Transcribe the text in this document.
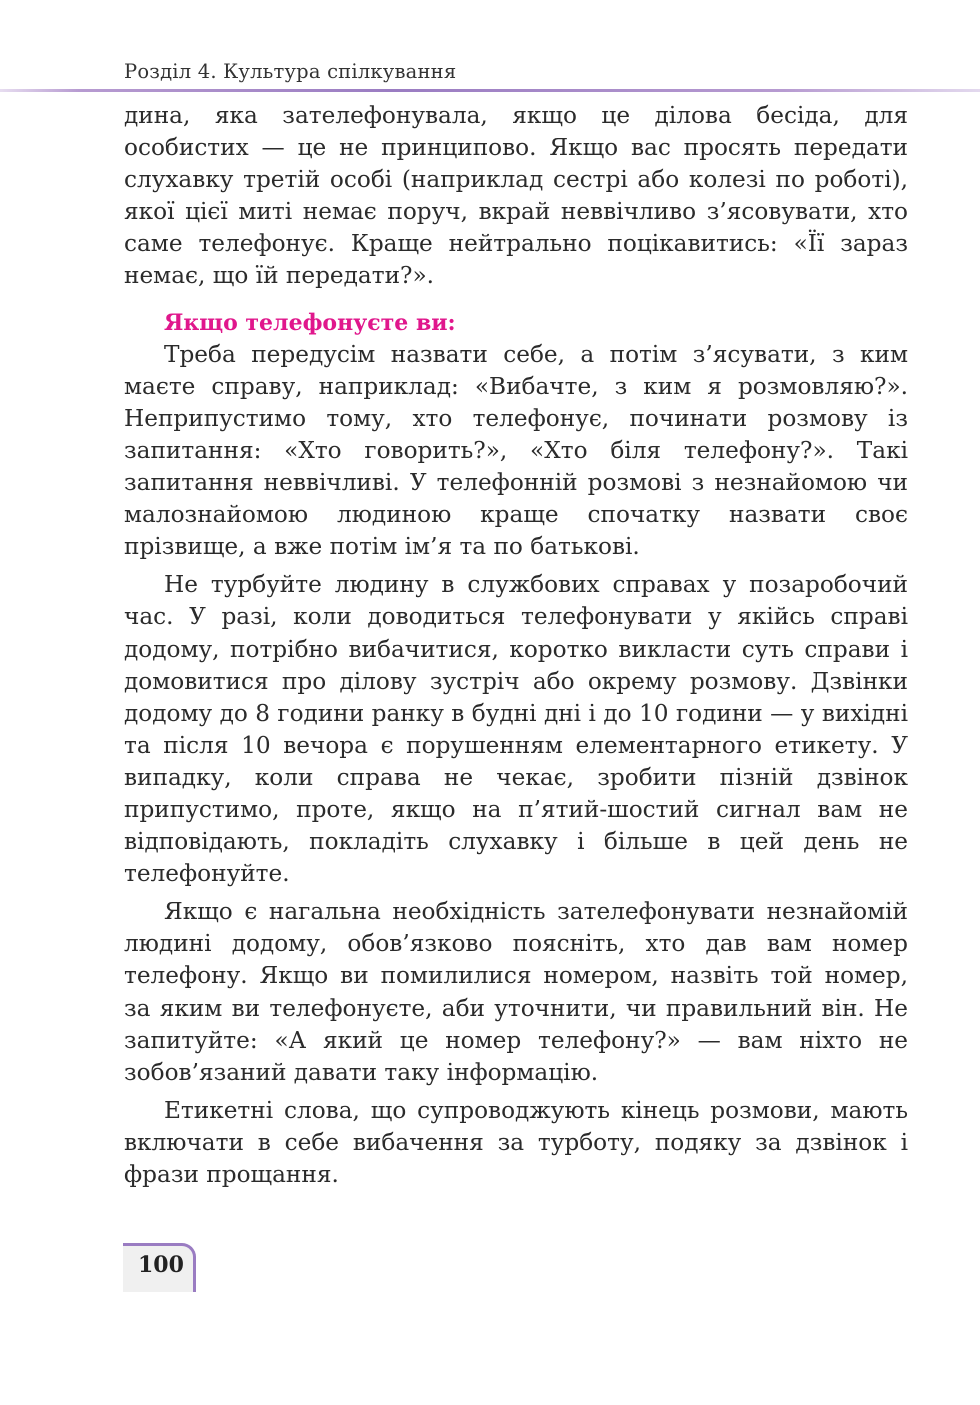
Розділ 4. Культура спілкування

дина, яка зателефонувала, якщо це ділова бесіда, для особистих — це не принципово. Якщо вас просять передати слухавку третій особі (наприклад сестрі або колезі по роботі), якої цієї миті немає поруч, вкрай неввічливо з’ясовувати, хто саме телефонує. Краще нейтрально поцікавитись: «Її зараз немає, що їй передати?».

Якщо телефонуєте ви:

Треба передусім назвати себе, а потім з’ясувати, з ким маєте справу, наприклад: «Вибачте, з ким я розмовляю?». Неприпустимо тому, хто телефонує, починати розмову із запитання: «Хто говорить?», «Хто біля телефону?». Такі запитання неввічливі. У телефонній розмові з незнайомою чи малознайомою людиною краще спочатку назвати своє прізвище, а вже потім ім’я та по батькові.

Не турбуйте людину в службових справах у позаробочий час. У разі, коли доводиться телефонувати у якійсь справі додому, потрібно вибачитися, коротко викласти суть справи і домовитися про ділову зустріч або окрему розмову. Дзвінки додому до 8 години ранку в будні дні і до 10 години — у вихідні та після 10 вечора є порушенням елементарного етикету. У випадку, коли справа не чекає, зробити пізній дзвінок припустимо, проте, якщо на п’ятий-шостий сигнал вам не відповідають, покладіть слухавку і більше в цей день не телефонуйте.

Якщо є нагальна необхідність зателефонувати незнайомій людині додому, обов’язково поясніть, хто дав вам номер телефону. Якщо ви помилилися номером, назвіть той номер, за яким ви телефонуєте, аби уточнити, чи правильний він. Не запитуйте: «А який це номер телефону?» — вам ніхто не зобов’язаний давати таку інформацію.

Етикетні слова, що супроводжують кінець розмови, мають включати в себе вибачення за турботу, подяку за дзвінок і фрази прощання.

100
